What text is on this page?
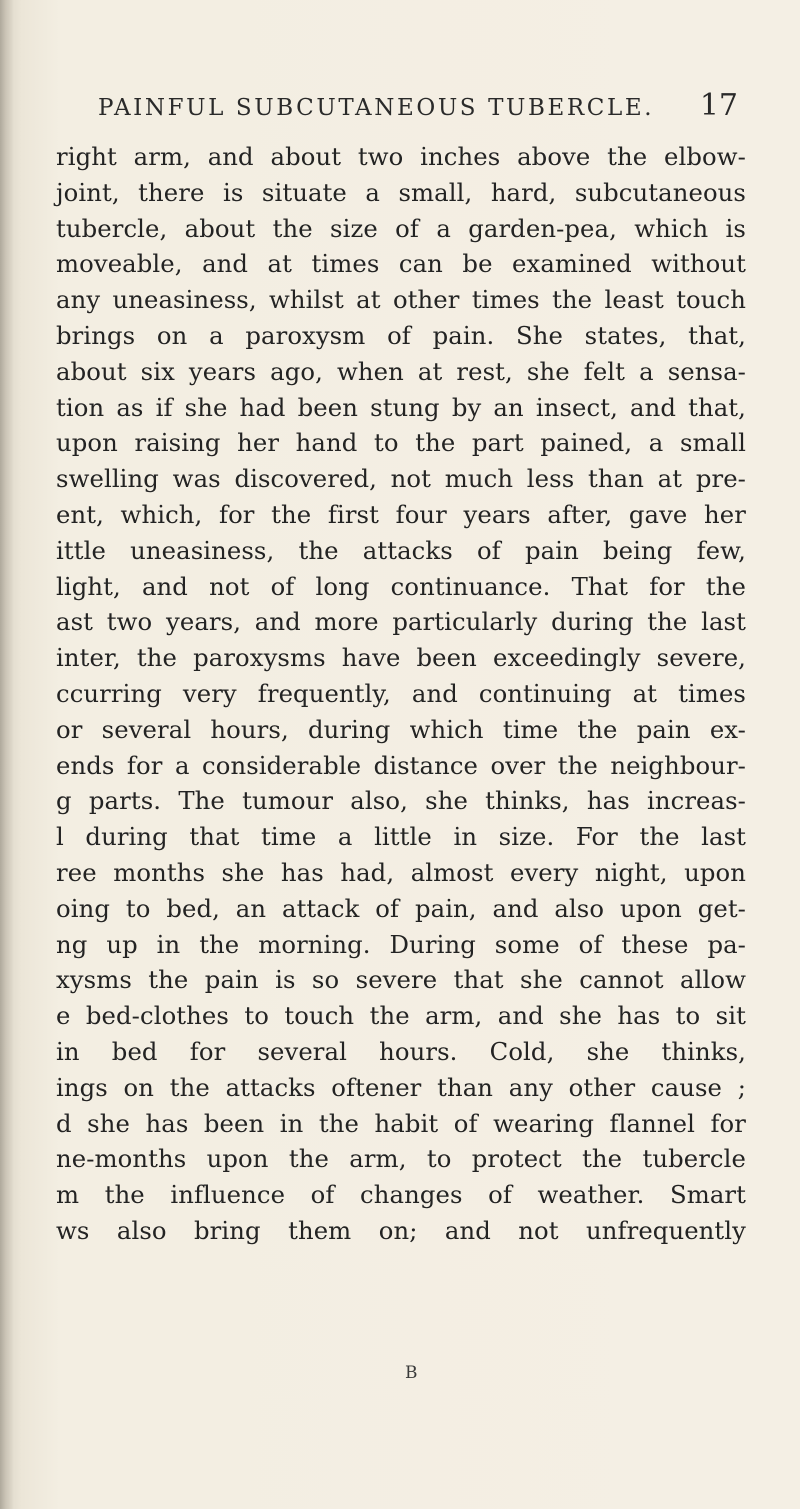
PAINFUL SUBCUTANEOUS TUBERCLE. 17
right arm, and about two inches above the elbow-
joint, there is situate a small, hard, subcutaneous
tubercle, about the size of a garden-pea, which is
moveable, and at times can be examined without
any uneasiness, whilst at other times the least touch
brings on a paroxysm of pain. She states, that,
about six years ago, when at rest, she felt a sensa-
tion as if she had been stung by an insect, and that,
upon raising her hand to the part pained, a small
swelling was discovered, not much less than at pre-
ent, which, for the first four years after, gave her
ittle uneasiness, the attacks of pain being few,
light, and not of long continuance. That for the
ast two years, and more particularly during the last
inter, the paroxysms have been exceedingly severe,
ccurring very frequently, and continuing at times
or several hours, during which time the pain ex-
ends for a considerable distance over the neighbour-
g parts. The tumour also, she thinks, has increas-
l during that time a little in size. For the last
ree months she has had, almost every night, upon
oing to bed, an attack of pain, and also upon get-
ng up in the morning. During some of these pa-
xysms the pain is so severe that she cannot allow
e bed-clothes to touch the arm, and she has to sit
in bed for several hours. Cold, she thinks,
ings on the attacks oftener than any other cause ;
d she has been in the habit of wearing flannel for
ne-months upon the arm, to protect the tubercle
m the influence of changes of weather. Smart
ws also bring them on; and not unfrequently
B
